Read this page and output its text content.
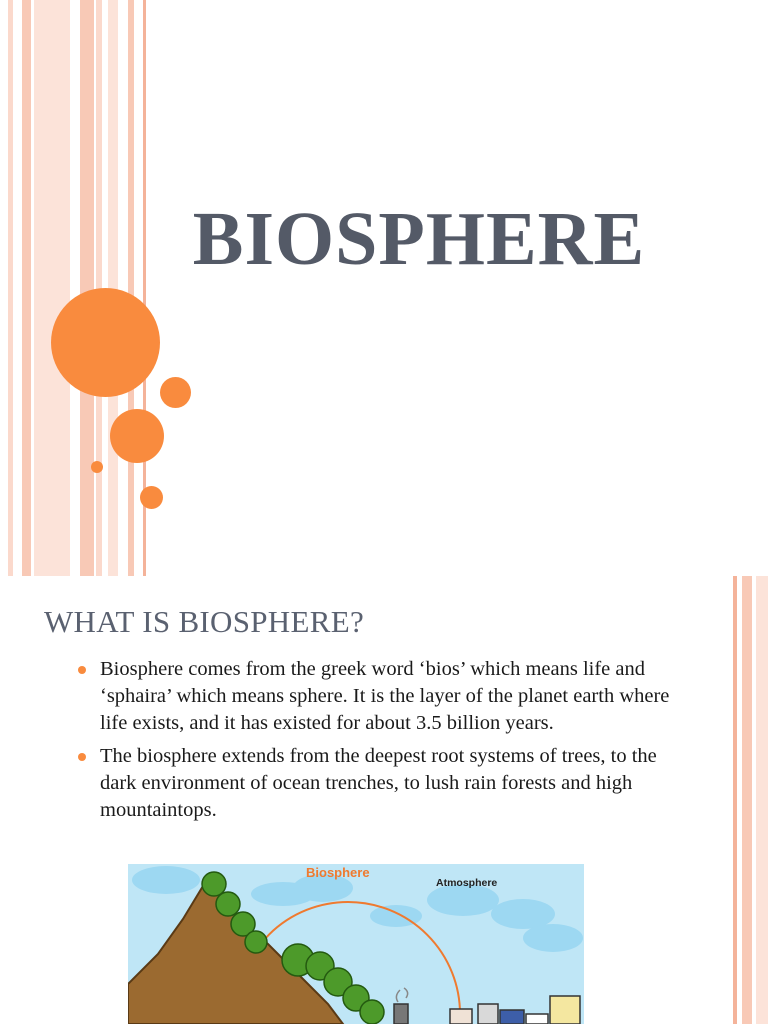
BIOSPHERE
WHAT IS BIOSPHERE?
Biosphere comes from the greek word ‘bios’ which means life and ‘sphaira’ which means sphere. It is the layer of the planet earth where life exists, and it has existed for about 3.5 billion years.
The biosphere extends from the deepest root systems of trees, to the dark environment of ocean trenches, to lush rain forests and high mountaintops.
Biosphere
Atmosphere
